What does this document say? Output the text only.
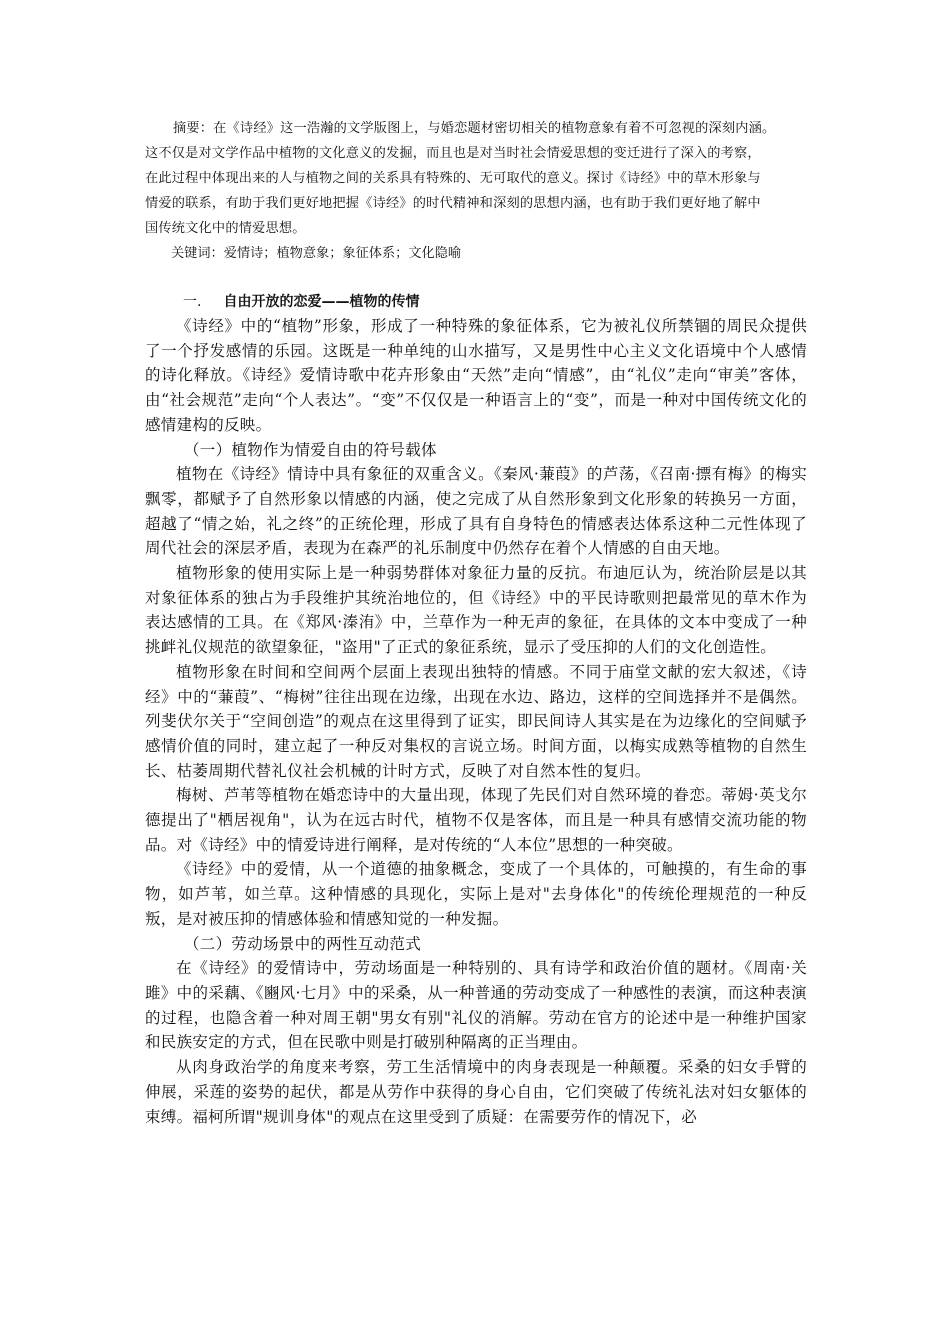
摘要：在《诗经》这一浩瀚的文学版图上，与婚恋题材密切相关的植物意象有着不可忽视的深刻内涵。

这不仅是对文学作品中植物的文化意义的发掘，而且也是对当时社会情爱思想的变迁进行了深入的考察，

在此过程中体现出来的人与植物之间的关系具有特殊的、无可取代的意义。探讨《诗经》中的草木形象与

情爱的联系，有助于我们更好地把握《诗经》的时代精神和深刻的思想内涵，也有助于我们更好地了解中

国传统文化中的情爱思想。

关键词：爱情诗；植物意象；象征体系；文化隐喻
一. 自由开放的恋爱——植物的传情

《诗经》中的“植物”形象，形成了一种特殊的象征体系，它为被礼仪所禁锢的周民众提供了一个抒发感情的乐园。这既是一种单纯的山水描写，又是男性中心主义文化语境中个人感情的诗化释放。《诗经》爱情诗歌中花卉形象由“天然”走向“情感”，由“礼仪”走向“审美”客体，由“社会规范”走向“个人表达”。“变”不仅仅是一种语言上的“变”，而是一种对中国传统文化的感情建构的反映。

（一）植物作为情爱自由的符号载体

植物在《诗经》情诗中具有象征的双重含义。《秦风·蒹葭》的芦荡，《召南·摽有梅》的梅实飘零，都赋予了自然形象以情感的内涵，使之完成了从自然形象到文化形象的转换另一方面，超越了“情之始，礼之终”的正统伦理，形成了具有自身特色的情感表达体系这种二元性体现了周代社会的深层矛盾，表现为在森严的礼乐制度中仍然存在着个人情感的自由天地。

植物形象的使用实际上是一种弱势群体对象征力量的反抗。布迪厄认为，统治阶层是以其对象征体系的独占为手段维护其统治地位的，但《诗经》中的平民诗歌则把最常见的草木作为表达感情的工具。在《郑风·溱洧》中，兰草作为一种无声的象征，在具体的文本中变成了一种挑衅礼仪规范的欲望象征，"盗用"了正式的象征系统，显示了受压抑的人们的文化创造性。

植物形象在时间和空间两个层面上表现出独特的情感。不同于庙堂文献的宏大叙述，《诗经》中的“蒹葭”、“梅树”往往出现在边缘，出现在水边、路边，这样的空间选择并不是偶然。列斐伏尔关于“空间创造”的观点在这里得到了证实，即民间诗人其实是在为边缘化的空间赋予感情价值的同时，建立起了一种反对集权的言说立场。时间方面，以梅实成熟等植物的自然生长、枯萎周期代替礼仪社会机械的计时方式，反映了对自然本性的复归。

梅树、芦苇等植物在婚恋诗中的大量出现，体现了先民们对自然环境的眷恋。蒂姆·英戈尔德提出了"栖居视角"，认为在远古时代，植物不仅是客体，而且是一种具有感情交流功能的物品。对《诗经》中的情爱诗进行阐释，是对传统的“人本位”思想的一种突破。

《诗经》中的爱情，从一个道德的抽象概念，变成了一个具体的，可触摸的，有生命的事物，如芦苇，如兰草。这种情感的具现化，实际上是对"去身体化"的传统伦理规范的一种反叛，是对被压抑的情感体验和情感知觉的一种发掘。

（二）劳动场景中的两性互动范式

在《诗经》的爱情诗中，劳动场面是一种特别的、具有诗学和政治价值的题材。《周南·关雎》中的采藕、《豳风·七月》中的采桑，从一种普通的劳动变成了一种感性的表演，而这种表演的过程，也隐含着一种对周王朝"男女有别"礼仪的消解。劳动在官方的论述中是一种维护国家和民族安定的方式，但在民歌中则是打破别种隔离的正当理由。

从肉身政治学的角度来考察，劳工生活情境中的肉身表现是一种颠覆。采桑的妇女手臂的伸展，采莲的姿势的起伏，都是从劳作中获得的身心自由，它们突破了传统礼法对妇女躯体的束缚。福柯所谓"规训身体"的观点在这里受到了质疑：在需要劳作的情况下，必
